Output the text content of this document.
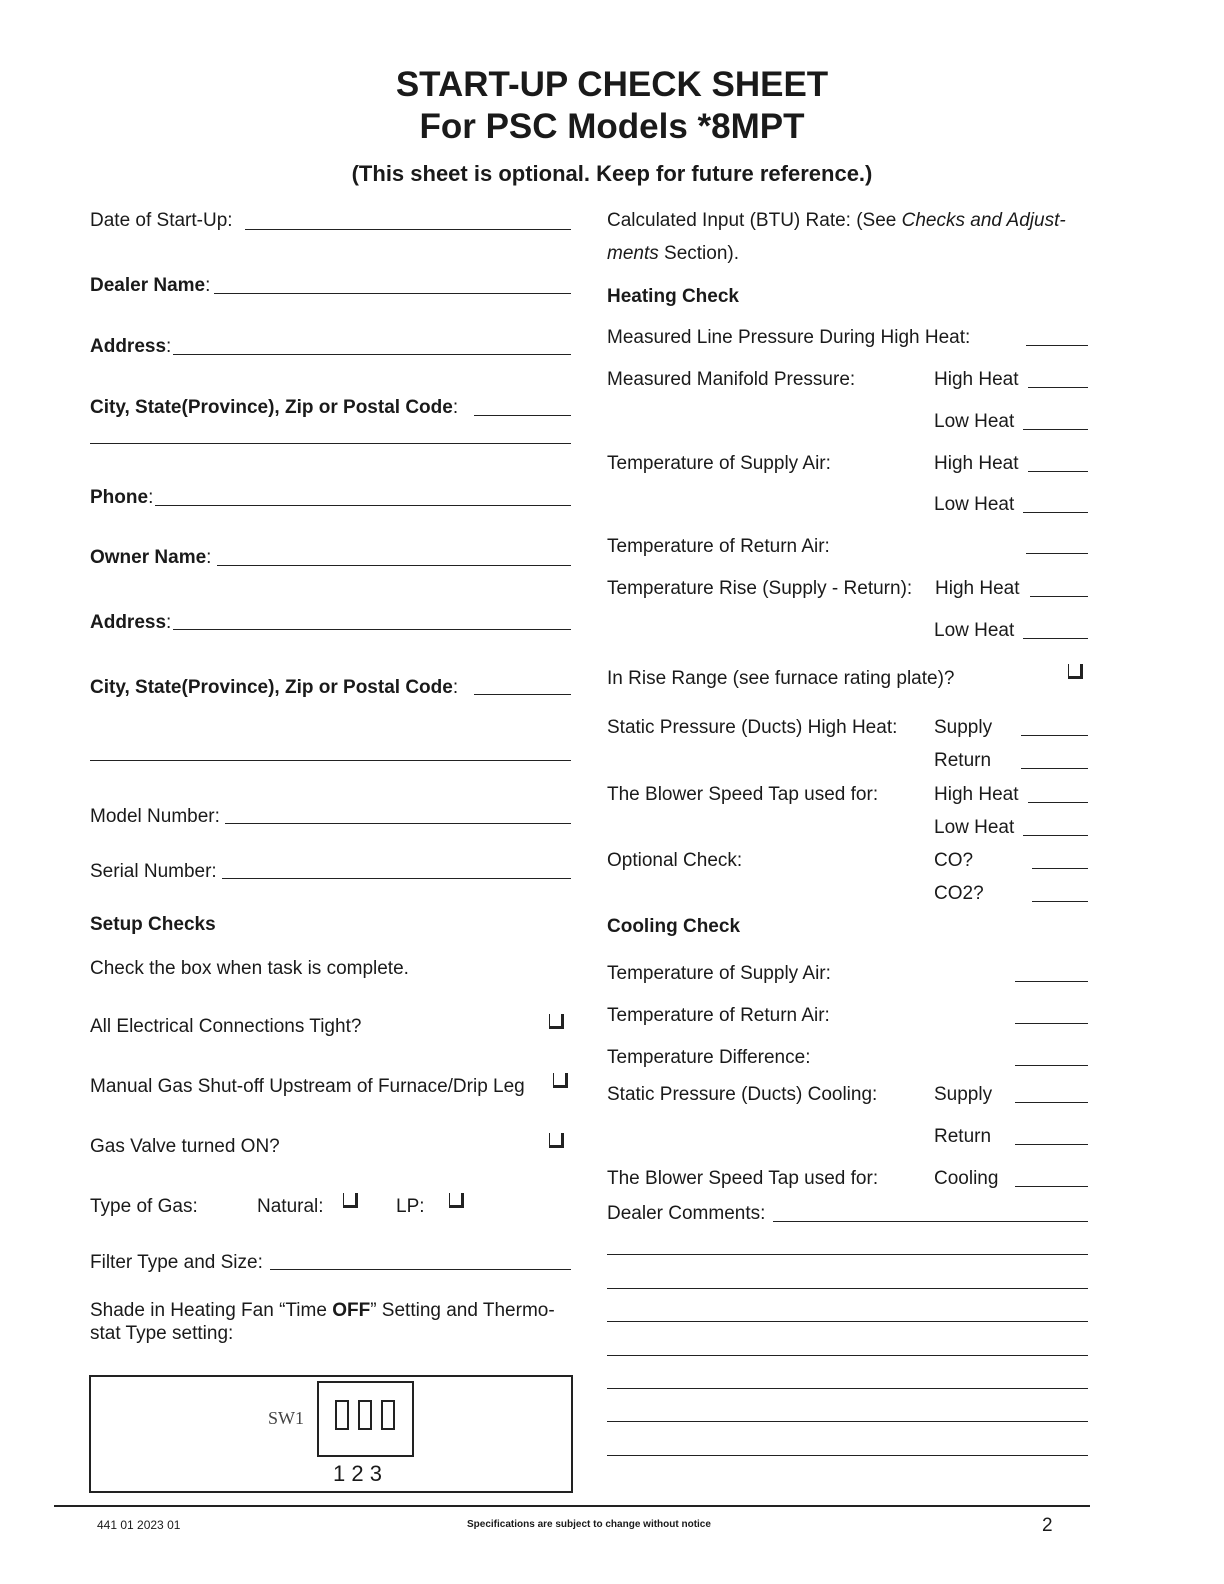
START-UP CHECK SHEET
For PSC Models *8MPT
(This sheet is optional. Keep for future reference.)
Date of Start-Up:
Dealer Name:
Address:
City, State(Province), Zip or Postal Code:
Phone:
Owner Name:
Address:
City, State(Province), Zip or Postal Code:
Model Number:
Serial Number:
Setup Checks
Check the box when task is complete.
All Electrical Connections Tight?
Manual Gas Shut-off Upstream of Furnace/Drip Leg
Gas Valve turned ON?
Type of Gas:	Natural:	LP:
Filter Type and Size:
Shade in Heating Fan “Time OFF” Setting and Thermo-
stat Type setting:
SW1
1 2 3
Calculated Input (BTU) Rate: (See Checks and Adjust-
ments Section).
Heating Check
Measured Line Pressure During High Heat:
Measured Manifold Pressure:	High Heat
Low Heat
Temperature of Supply Air:	High Heat
Low Heat
Temperature of Return Air:
Temperature Rise (Supply - Return): High Heat
Low Heat
In Rise Range (see furnace rating plate)?
Static Pressure (Ducts) High Heat: Supply
Return
The Blower Speed Tap used for:	High Heat
Low Heat
Optional Check:	CO?
CO2?
Cooling Check
Temperature of Supply Air:
Temperature of Return Air:
Temperature Difference:
Static Pressure (Ducts) Cooling:	Supply
Return
The Blower Speed Tap used for:	Cooling
Dealer Comments:
441 01 2023 01	Specifications are subject to change without notice	2
